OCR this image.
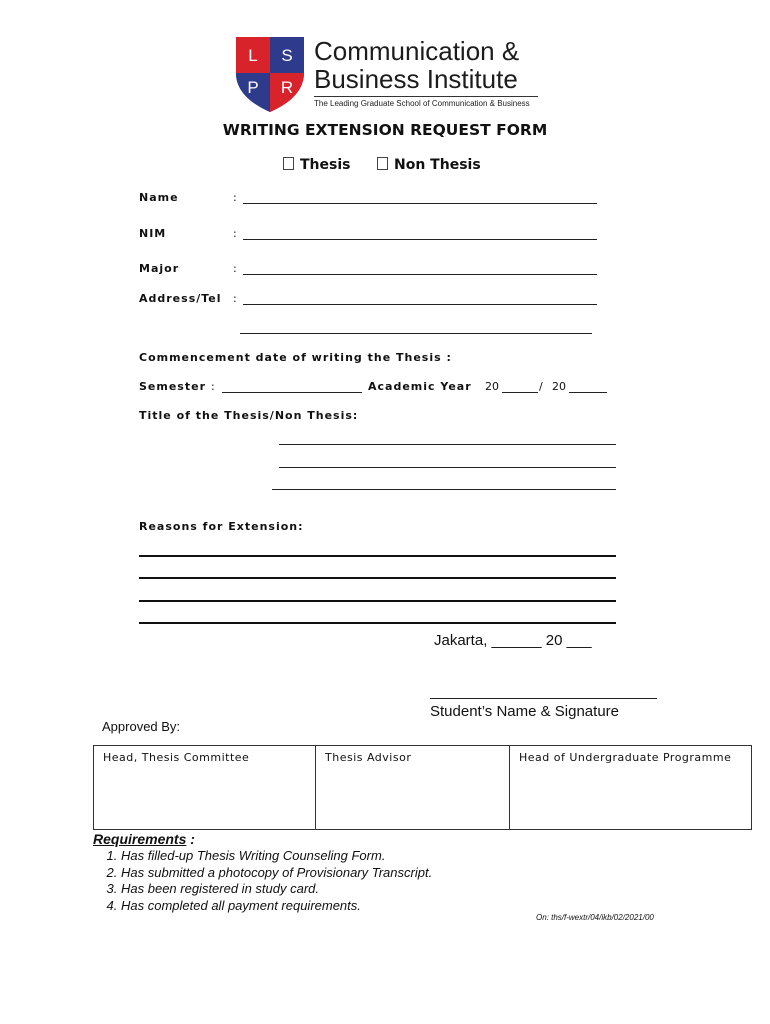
L S
P R
Communication &
Business Institute
The Leading Graduate School of Communication & Business
WRITING EXTENSION REQUEST FORM
Thesis	Non Thesis
Name	:
NIM	:
Major	:
Address/Tel :
Commencement date of writing the Thesis :
Semester :	Academic Year 20	/ 20
Title of the Thesis/Non Thesis:
Reasons for Extension:
Jakarta, ______ 20 ___
Student’s Name & Signature
Approved By:
Head, Thesis Committee	Thesis Advisor	Head of Undergraduate Programme
Requirements :
1. Has filled-up Thesis Writing Counseling Form.
2. Has submitted a photocopy of Provisionary Transcript.
3. Has been registered in study card.
4. Has completed all payment requirements.
On: ths/f-wextr/04/ikb/02/2021/00
